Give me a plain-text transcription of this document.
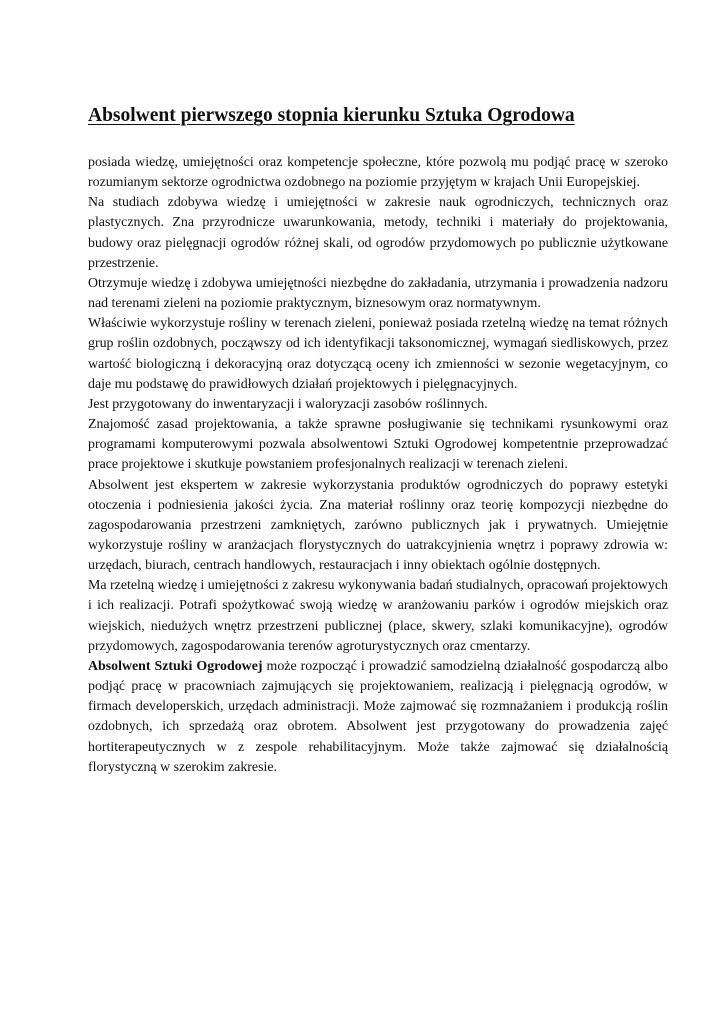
Absolwent pierwszego stopnia kierunku Sztuka Ogrodowa

posiada wiedzę, umiejętności oraz kompetencje społeczne, które pozwolą mu podjąć pracę w szeroko rozumianym sektorze ogrodnictwa ozdobnego na poziomie przyjętym w krajach Unii Europejskiej.

Na studiach zdobywa wiedzę i umiejętności w zakresie nauk ogrodniczych, technicznych oraz plastycznych. Zna przyrodnicze uwarunkowania, metody, techniki i materiały do projektowania, budowy oraz pielęgnacji ogrodów różnej skali, od ogrodów przydomowych po publicznie użytkowane przestrzenie.

Otrzymuje wiedzę i zdobywa umiejętności niezbędne do zakładania, utrzymania i prowadzenia nadzoru nad terenami zieleni na poziomie praktycznym, biznesowym oraz normatywnym.

Właściwie wykorzystuje rośliny w terenach zieleni, ponieważ posiada rzetelną wiedzę na temat różnych grup roślin ozdobnych, począwszy od ich identyfikacji taksonomicznej, wymagań siedliskowych, przez wartość biologiczną i dekoracyjną oraz dotyczącą oceny ich zmienności w sezonie wegetacyjnym, co daje mu podstawę do prawidłowych działań projektowych i pielęgnacyjnych.

Jest przygotowany do inwentaryzacji i waloryzacji zasobów roślinnych.

Znajomość zasad projektowania, a także sprawne posługiwanie się technikami rysunkowymi oraz programami komputerowymi pozwala absolwentowi Sztuki Ogrodowej kompetentnie przeprowadzać prace projektowe i skutkuje powstaniem profesjonalnych realizacji w terenach zieleni.

Absolwent jest ekspertem w zakresie wykorzystania produktów ogrodniczych do poprawy estetyki otoczenia i podniesienia jakości życia. Zna materiał roślinny oraz teorię kompozycji niezbędne do zagospodarowania przestrzeni zamkniętych, zarówno publicznych jak i prywatnych. Umiejętnie wykorzystuje rośliny w aranżacjach florystycznych do uatrakcyjnienia wnętrz i poprawy zdrowia w: urzędach, biurach, centrach handlowych, restauracjach i inny obiektach ogólnie dostępnych.

Ma rzetelną wiedzę i umiejętności z zakresu wykonywania badań studialnych, opracowań projektowych i ich realizacji. Potrafi spożytkować swoją wiedzę w aranżowaniu parków i ogrodów miejskich oraz wiejskich, niedużych wnętrz przestrzeni publicznej (place, skwery, szlaki komunikacyjne), ogrodów przydomowych, zagospodarowania terenów agroturystycznych oraz cmentarzy.

Absolwent Sztuki Ogrodowej może rozpocząć i prowadzić samodzielną działalność gospodarczą albo podjąć pracę w pracowniach zajmujących się projektowaniem, realizacją i pielęgnacją ogrodów, w firmach developerskich, urzędach administracji. Może zajmować się rozmnażaniem i produkcją roślin ozdobnych, ich sprzedażą oraz obrotem. Absolwent jest przygotowany do prowadzenia zajęć hortiterapeutycznych w z zespole rehabilitacyjnym. Może także zajmować się działalnością florystyczną w szerokim zakresie.
